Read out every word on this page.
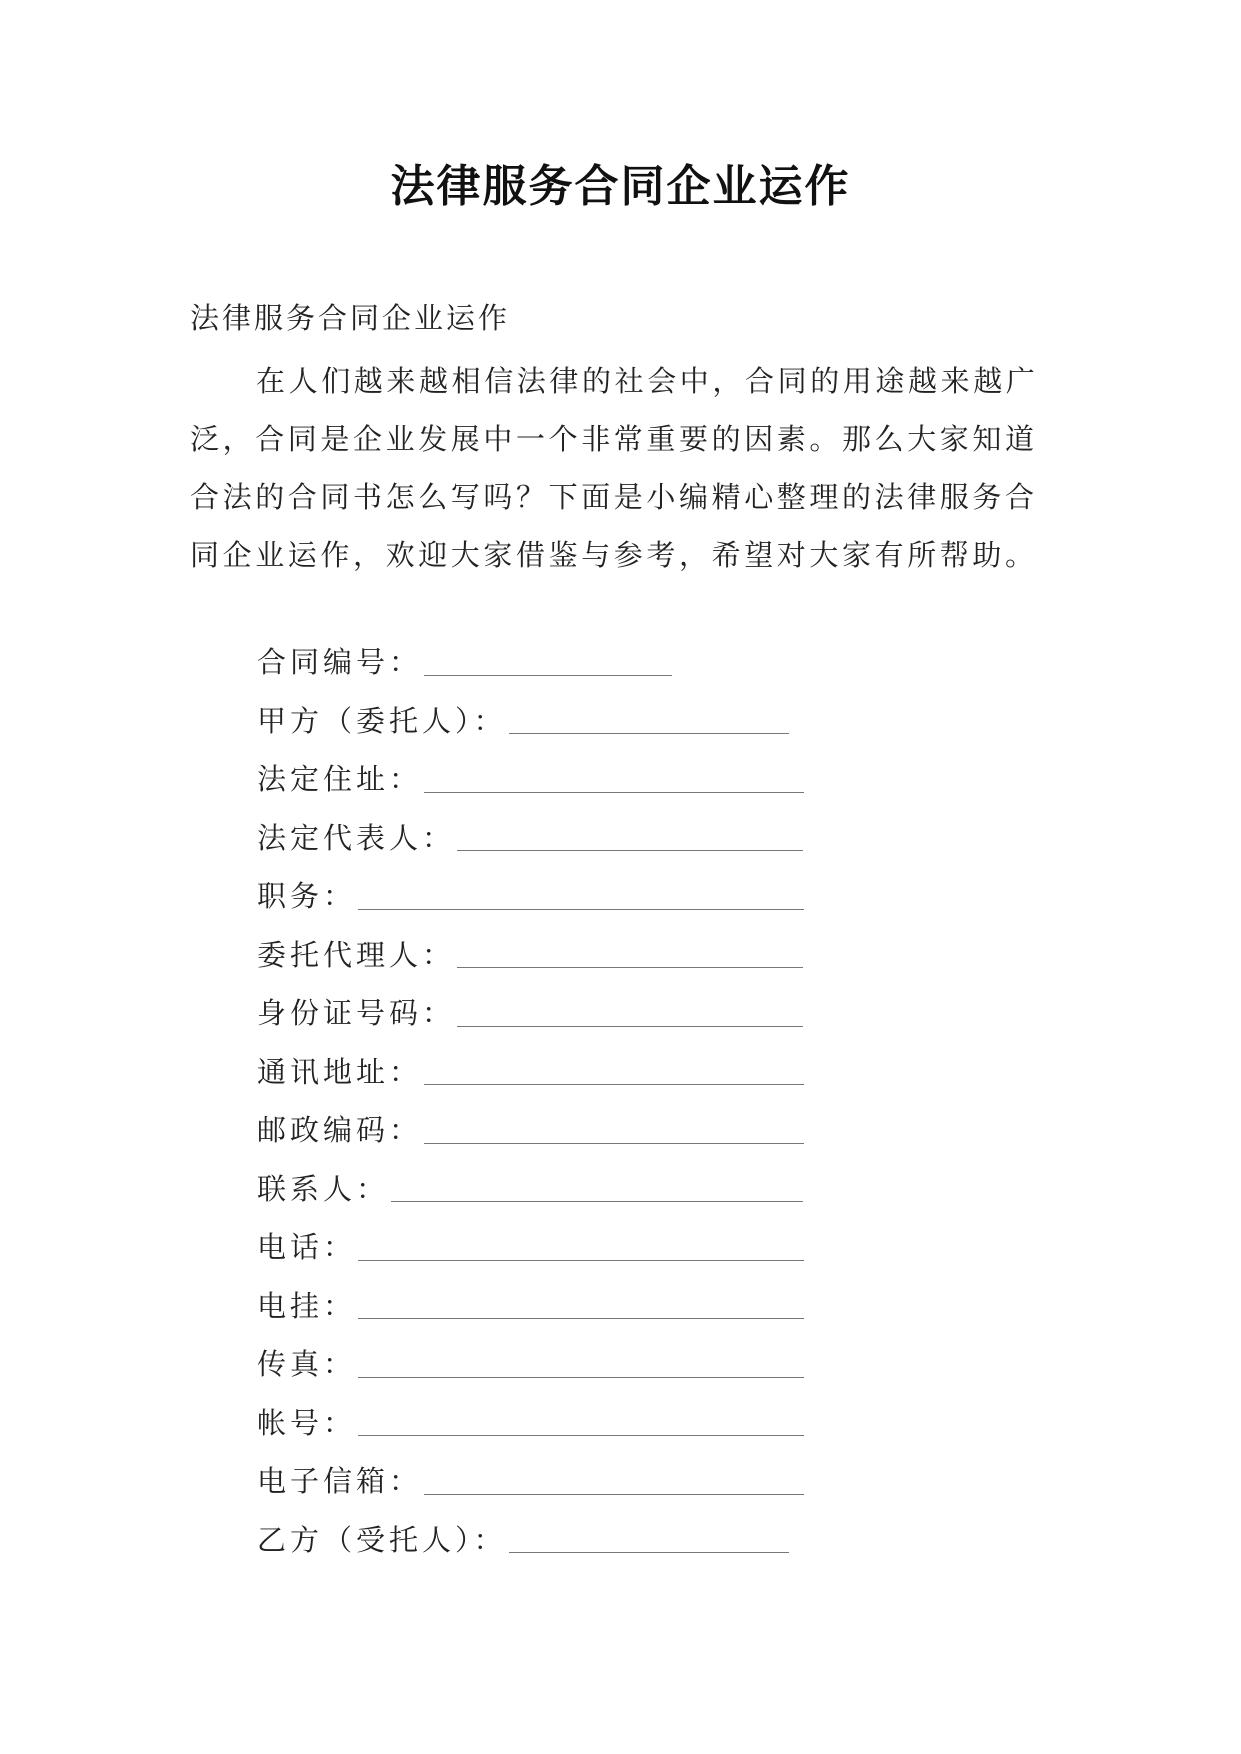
法律服务合同企业运作
法律服务合同企业运作

在人们越来越相信法律的社会中，合同的用途越来越广泛，合同是企业发展中一个非常重要的因素。那么大家知道合法的合同书怎么写吗？下面是小编精心整理的法律服务合同企业运作，欢迎大家借鉴与参考，希望对大家有所帮助。

合同编号：
甲方（委托人）：
法定住址：
法定代表人：
职务：
委托代理人：
身份证号码：
通讯地址：
邮政编码：
联系人：
电话：
电挂：
传真：
帐号：
电子信箱：
乙方（受托人）：
